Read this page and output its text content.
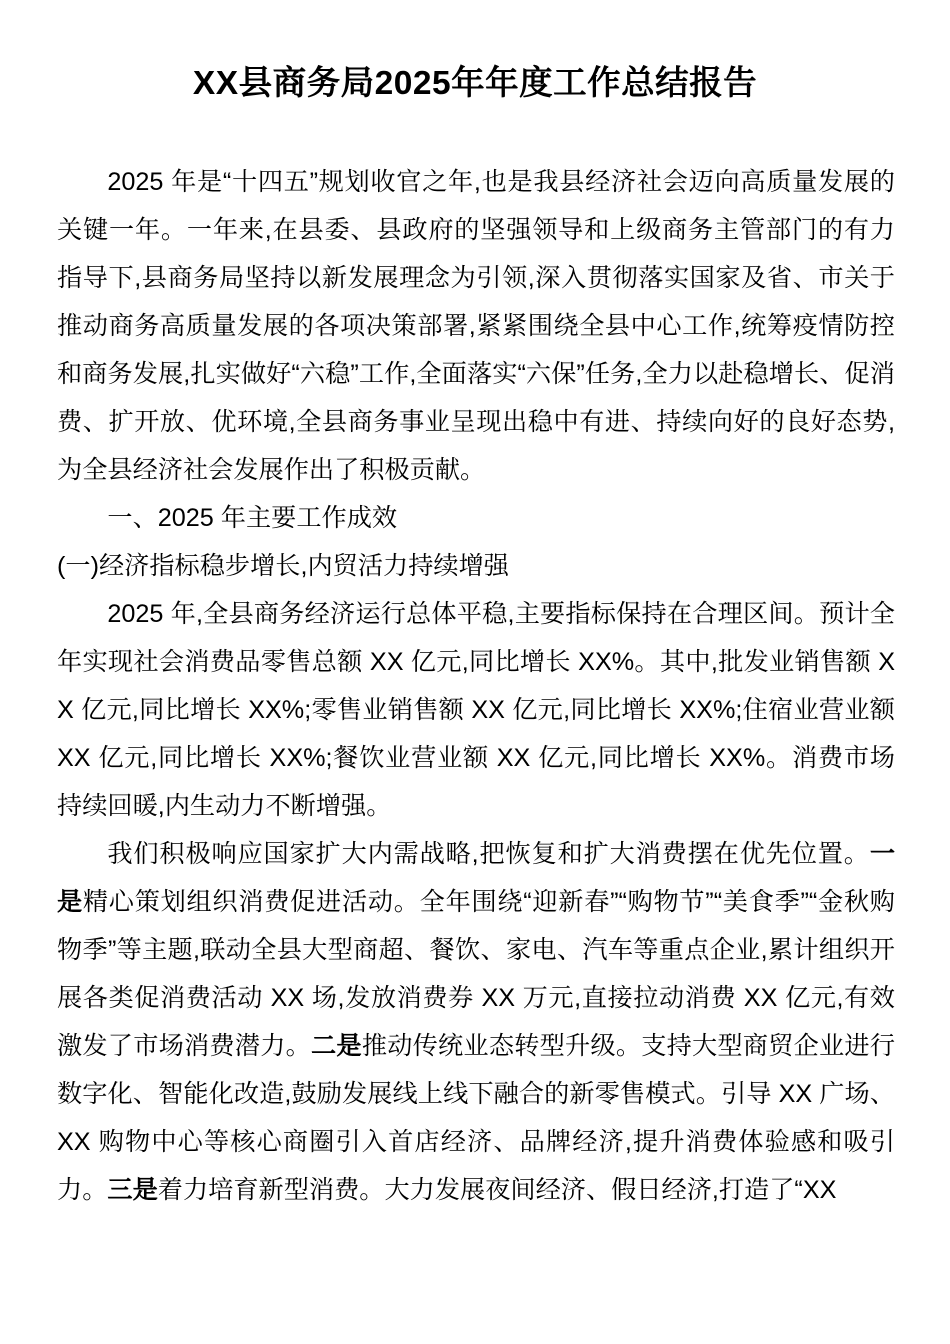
XX县商务局2025年年度工作总结报告

2025 年是“十四五”规划收官之年,也是我县经济社会迈向高质量发展的关键一年。一年来,在县委、县政府的坚强领导和上级商务主管部门的有力指导下,县商务局坚持以新发展理念为引领,深入贯彻落实国家及省、市关于推动商务高质量发展的各项决策部署,紧紧围绕全县中心工作,统筹疫情防控和商务发展,扎实做好“六稳”工作,全面落实“六保”任务,全力以赴稳增长、促消费、扩开放、优环境,全县商务事业呈现出稳中有进、持续向好的良好态势,为全县经济社会发展作出了积极贡献。

一、2025 年主要工作成效

(一)经济指标稳步增长,内贸活力持续增强

2025 年,全县商务经济运行总体平稳,主要指标保持在合理区间。预计全年实现社会消费品零售总额 XX 亿元,同比增长 XX%。其中,批发业销售额 XX 亿元,同比增长 XX%;零售业销售额 XX 亿元,同比增长 XX%;住宿业营业额 XX 亿元,同比增长 XX%;餐饮业营业额 XX 亿元,同比增长 XX%。消费市场持续回暖,内生动力不断增强。

我们积极响应国家扩大内需战略,把恢复和扩大消费摆在优先位置。一是精心策划组织消费促进活动。全年围绕“迎新春”“购物节”“美食季”“金秋购物季”等主题,联动全县大型商超、餐饮、家电、汽车等重点企业,累计组织开展各类促消费活动 XX 场,发放消费券 XX 万元,直接拉动消费 XX 亿元,有效激发了市场消费潜力。二是推动传统业态转型升级。支持大型商贸企业进行数字化、智能化改造,鼓励发展线上线下融合的新零售模式。引导 XX 广场、XX 购物中心等核心商圈引入首店经济、品牌经济,提升消费体验感和吸引力。三是着力培育新型消费。大力发展夜间经济、假日经济,打造了“XX
